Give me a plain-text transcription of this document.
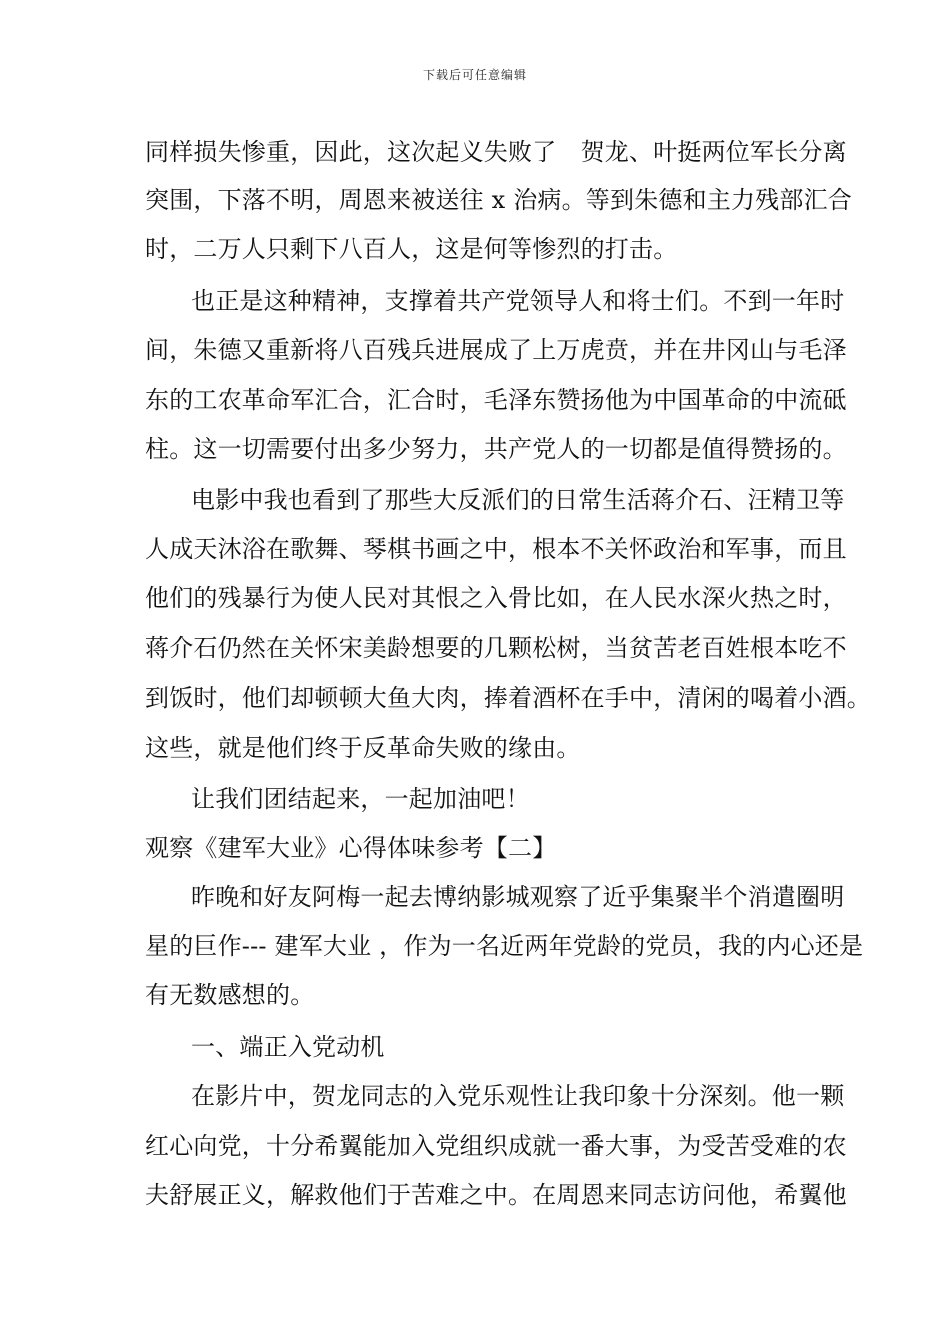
下载后可任意编辑
同样损失惨重，因此，这次起义失败了　贺龙、叶挺两位军长分离
突围，下落不明，周恩来被送往 x 治病。等到朱德和主力残部汇合
时，二万人只剩下八百人，这是何等惨烈的打击。
也正是这种精神，支撑着共产党领导人和将士们。不到一年时
间，朱德又重新将八百残兵进展成了上万虎贲，并在井冈山与毛泽
东的工农革命军汇合，汇合时，毛泽东赞扬他为中国革命的中流砥
柱。这一切需要付出多少努力，共产党人的一切都是值得赞扬的。
电影中我也看到了那些大反派们的日常生活蒋介石、汪精卫等
人成天沐浴在歌舞、琴棋书画之中，根本不关怀政治和军事，而且
他们的残暴行为使人民对其恨之入骨比如，在人民水深火热之时，
蒋介石仍然在关怀宋美龄想要的几颗松树，当贫苦老百姓根本吃不
到饭时，他们却顿顿大鱼大肉，捧着酒杯在手中，清闲的喝着小酒。
这些，就是他们终于反革命失败的缘由。
让我们团结起来，一起加油吧！
观察《建军大业》心得体味参考【二】
昨晚和好友阿梅一起去博纳影城观察了近乎集聚半个消遣圈明
星的巨作--- 建军大业 ，作为一名近两年党龄的党员，我的内心还是
有无数感想的。
一、端正入党动机
在影片中，贺龙同志的入党乐观性让我印象十分深刻。他一颗
红心向党，十分希翼能加入党组织成就一番大事，为受苦受难的农
夫舒展正义，解救他们于苦难之中。在周恩来同志访问他，希翼他
